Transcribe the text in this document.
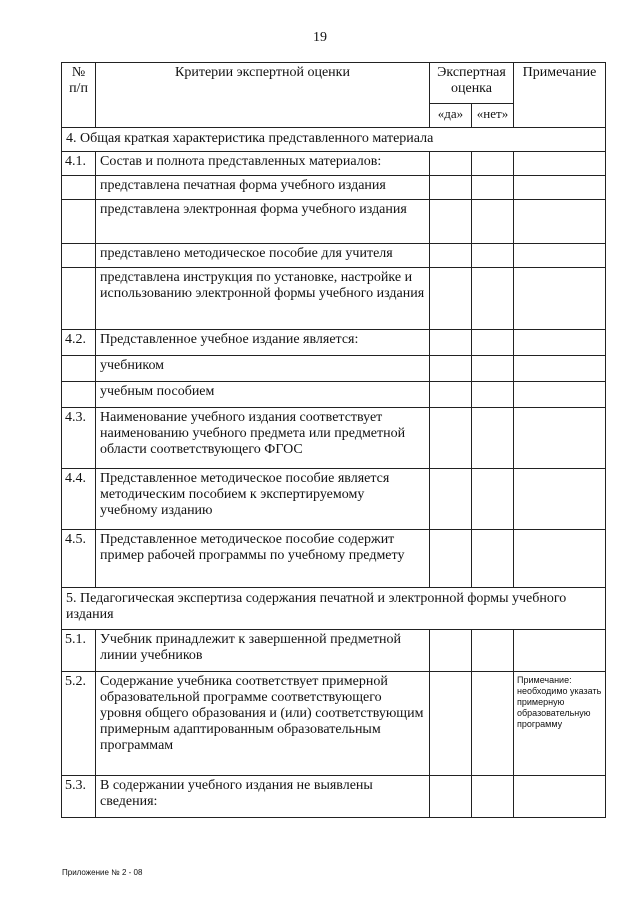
19
№ п/п	Критерии экспертной оценки	Экспертная оценка		Примечание
		«да»	«нет»	
4. Общая краткая характеристика представленного материала				
4.1.	Состав и полнота представленных материалов:			
	представлена печатная форма учебного издания			
	представлена электронная форма учебного издания			
	представлено методическое пособие для учителя			
	представлена инструкция по установке, настройке и использованию электронной формы учебного издания			
4.2.	Представленное учебное издание является:			
	учебником			
	учебным пособием			
4.3.	Наименование учебного издания соответствует наименованию учебного предмета или предметной области соответствующего ФГОС			
4.4.	Представленное методическое пособие является методическим пособием к экспертируемому учебному изданию			
4.5.	Представленное методическое пособие содержит пример рабочей программы по учебному предмету			
5. Педагогическая экспертиза содержания печатной и электронной формы учебного издания				
5.1.	Учебник принадлежит к завершенной предметной линии учебников			
5.2.	Содержание учебника соответствует примерной образовательной программе соответствующего уровня общего образования и (или) соответствующим примерным адаптированным образовательным программам			Примечание: необходимо указать примерную образовательную программу
5.3.	В содержании учебного издания не выявлены сведения:			
Приложение № 2 - 08
